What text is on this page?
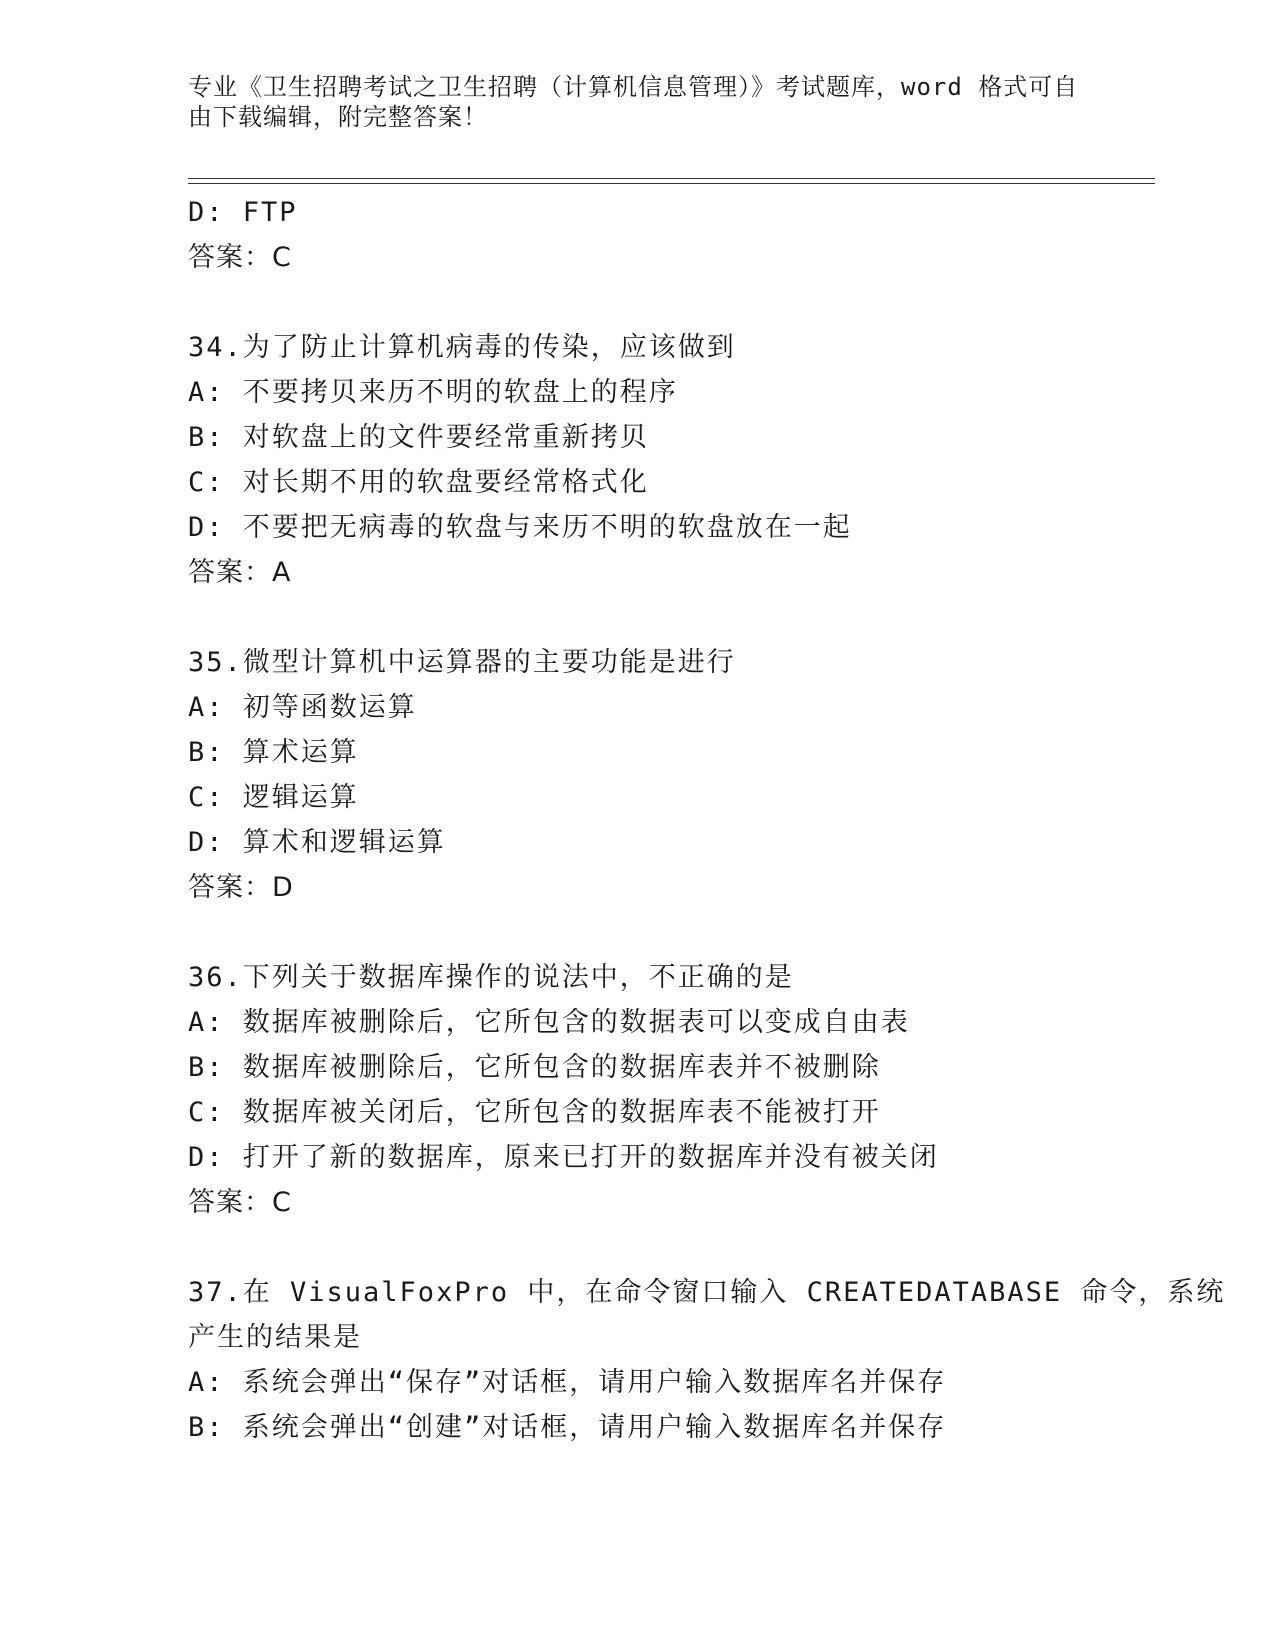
专业《卫生招聘考试之卫生招聘（计算机信息管理）》考试题库，word 格式可自
由下载编辑，附完整答案！
D: FTP
答案：C
34.为了防止计算机病毒的传染，应该做到
A: 不要拷贝来历不明的软盘上的程序
B: 对软盘上的文件要经常重新拷贝
C: 对长期不用的软盘要经常格式化
D: 不要把无病毒的软盘与来历不明的软盘放在一起
答案：A
35.微型计算机中运算器的主要功能是进行
A: 初等函数运算
B: 算术运算
C: 逻辑运算
D: 算术和逻辑运算
答案：D
36.下列关于数据库操作的说法中，不正确的是
A: 数据库被删除后，它所包含的数据表可以变成自由表
B: 数据库被删除后，它所包含的数据库表并不被删除
C: 数据库被关闭后，它所包含的数据库表不能被打开
D: 打开了新的数据库，原来已打开的数据库并没有被关闭
答案：C
37.在 VisualFoxPro 中，在命令窗口输入 CREATEDATABASE 命令，系统
产生的结果是
A: 系统会弹出“保存”对话框，请用户输入数据库名并保存
B: 系统会弹出“创建”对话框，请用户输入数据库名并保存
